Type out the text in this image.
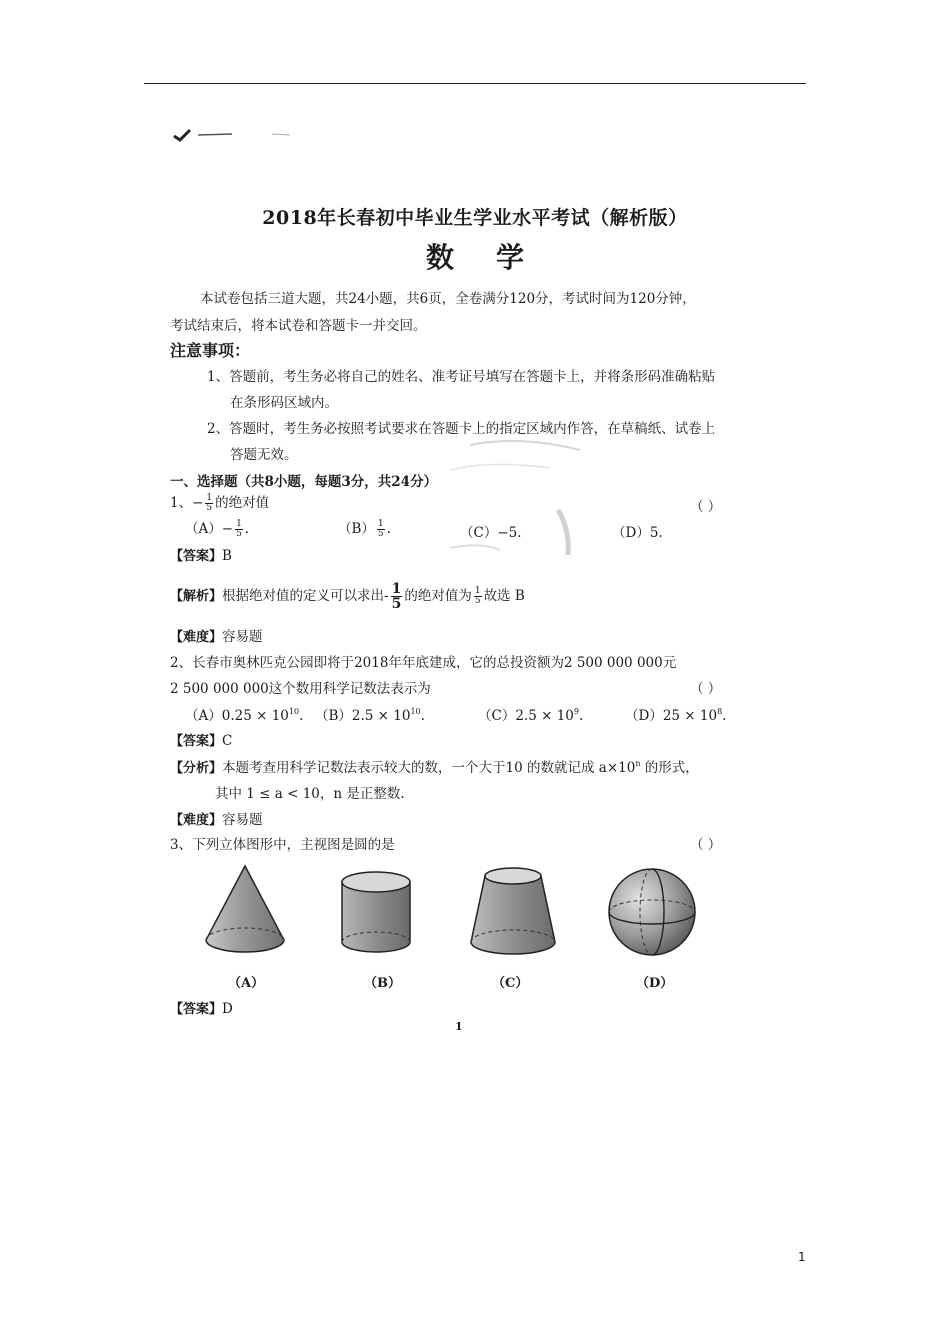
2018年长春初中毕业生学业水平考试（解析版）
数学
本试卷包括三道大题，共24小题，共6页，全卷满分120分，考试时间为120分钟，
考试结束后，将本试卷和答题卡一并交回。
注意事项：
1、答题前，考生务必将自己的姓名、准考证号填写在答题卡上，并将条形码准确粘贴
在条形码区域内。
2、答题时，考生务必按照考试要求在答题卡上的指定区域内作答，在草稿纸、试卷上
答题无效。
一、选择题（共8小题，每题3分，共24分）
1、− $\frac{1}{5}$ 的绝对值	（ ）
$(A)- \frac{1}{5}$ .	$(B) \frac{1}{5}$ .	（C）−5.	（D）5.
【答案】B
【解析】根据绝对值的定义可以求出- $\frac{1}{5}$ 的绝对值为 $\frac{1}{5}$ 故选 B
【难度】容易题
2、长春市奥林匹克公园即将于2018年年底建成，它的总投资额为2 500 000 000元
2 500 000 000这个数用科学记数法表示为	（ ）
$(A)0.25 \times 10^{10}$. $(B)2.5 \times 10^{10}$.	$(C)2.5 \times 10^9$.	$(D)25 \times 10^8$.
【答案】C
【分析】本题考查用科学记数法表示较大的数，一个大于10 的数就记成 $a\times 10^n$ 的形式，
其中 1 ≤ a < 10，n 是正整数.
【难度】容易题
3、下列立体图形中，主视图是圆的是	（ ）
（A）	（B）	（C）	（D）
【答案】D
1
1
